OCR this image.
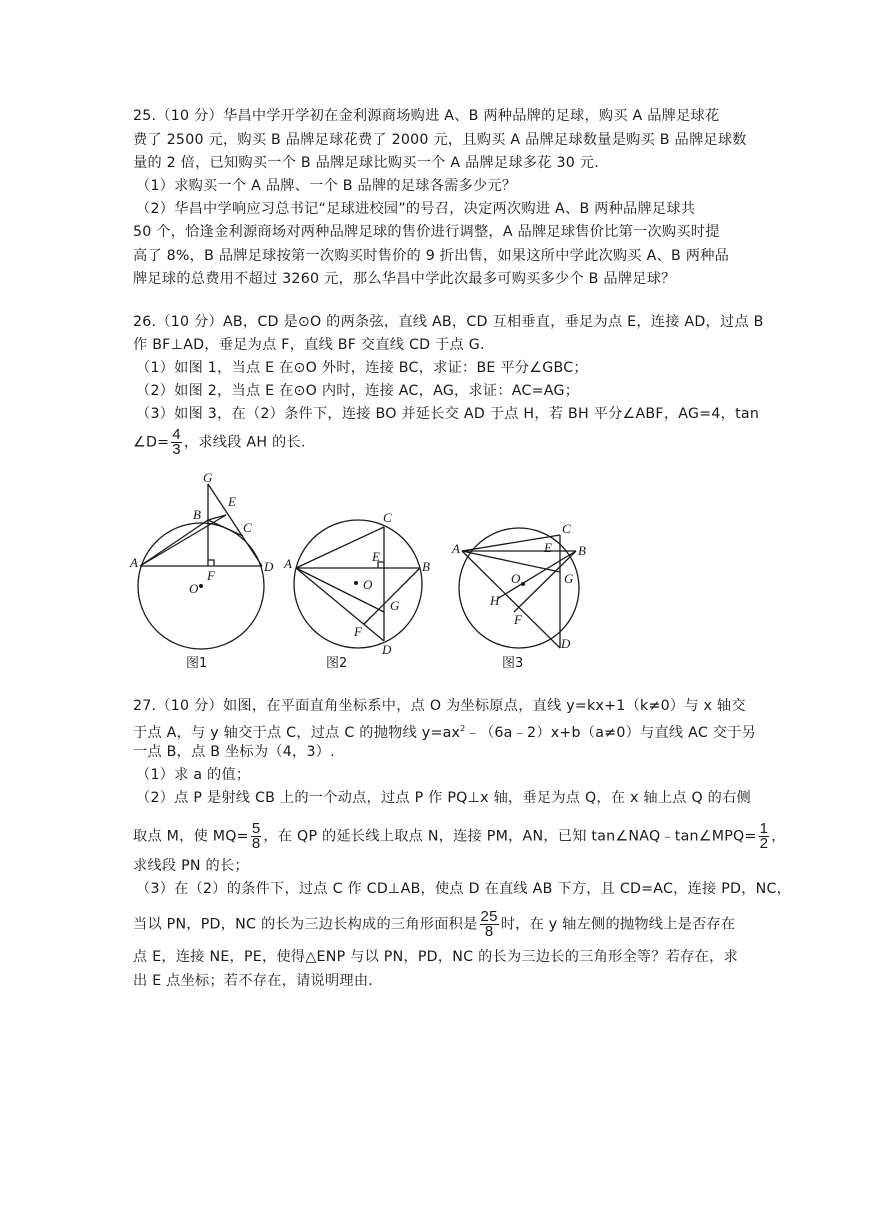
25.（10 分）华昌中学开学初在金利源商场购进 A、B 两种品牌的足球，购买 A 品牌足球花
费了 2500 元，购买 B 品牌足球花费了 2000 元，且购买 A 品牌足球数量是购买 B 品牌足球数
量的 2 倍，已知购买一个 B 品牌足球比购买一个 A 品牌足球多花 30 元.
（1）求购买一个 A 品牌、一个 B 品牌的足球各需多少元？
（2）华昌中学响应习总书记“足球进校园”的号召，决定两次购进 A、B 两种品牌足球共
50 个，恰逢金利源商场对两种品牌足球的售价进行调整，A 品牌足球售价比第一次购买时提
高了 8%，B 品牌足球按第一次购买时售价的 9 折出售，如果这所中学此次购买 A、B 两种品
牌足球的总费用不超过 3260 元，那么华昌中学此次最多可购买多少个 B 品牌足球？
26.（10 分）AB，CD 是⊙O 的两条弦，直线 AB，CD 互相垂直，垂足为点 E，连接 AD，过点 B
作 BF⊥AD，垂足为点 F，直线 BF 交直线 CD 于点 G.
（1）如图 1，当点 E 在⊙O 外时，连接 BC，求证：BE 平分∠GBC；
（2）如图 2，当点 E 在⊙O 内时，连接 AC，AG，求证：AC=AG；
（3）如图 3，在（2）条件下，连接 BO 并延长交 AD 于点 H，若 BH 平分∠ABF，AG=4，tan
∠D= $\frac{4}{3}$ ，求线段 AH 的长.
G
E
B
C
A	D
F
O
图1
C
A	E
B
O
G
F
D
图2
C
A	E B
O	G
H
F
D
图3
27.（10 分）如图，在平面直角坐标系中，点 O 为坐标原点，直线 y=kx+1（k≠0）与 x 轴交
于点 A，与 y 轴交于点 C，过点 C 的抛物线 $y=ax^2﹣(6a﹣2)x+b(a\ne 0)$与直线 AC 交于另
一点 B，点 B 坐标为（4，3）.
（1）求 a 的值；
（2）点 P 是射线 CB 上的一个动点，过点 P 作 PQ⊥x 轴，垂足为点 Q，在 x 轴上点 Q 的右侧
取点 M，使 $MQ= \frac{5}{8}$ ，在 QP 的延长线上取点 N，连接 PM，AN，已知 tan∠NAQ﹣tan∠MPQ= $\frac{1}{2}$ ，
求线段 PN 的长；
（3）在（2）的条件下，过点 C 作 CD⊥AB，使点 D 在直线 AB 下方，且 CD=AC，连接 PD，NC，
当以 PN，PD，NC 的长为三边长构成的三角形面积是 $\frac{25}{8}$ 时，在 y 轴左侧的抛物线上是否存在
点 E，连接 NE，PE，使得△ENP 与以 PN，PD，NC 的长为三边长的三角形全等？若存在，求
出 E 点坐标；若不存在，请说明理由.
